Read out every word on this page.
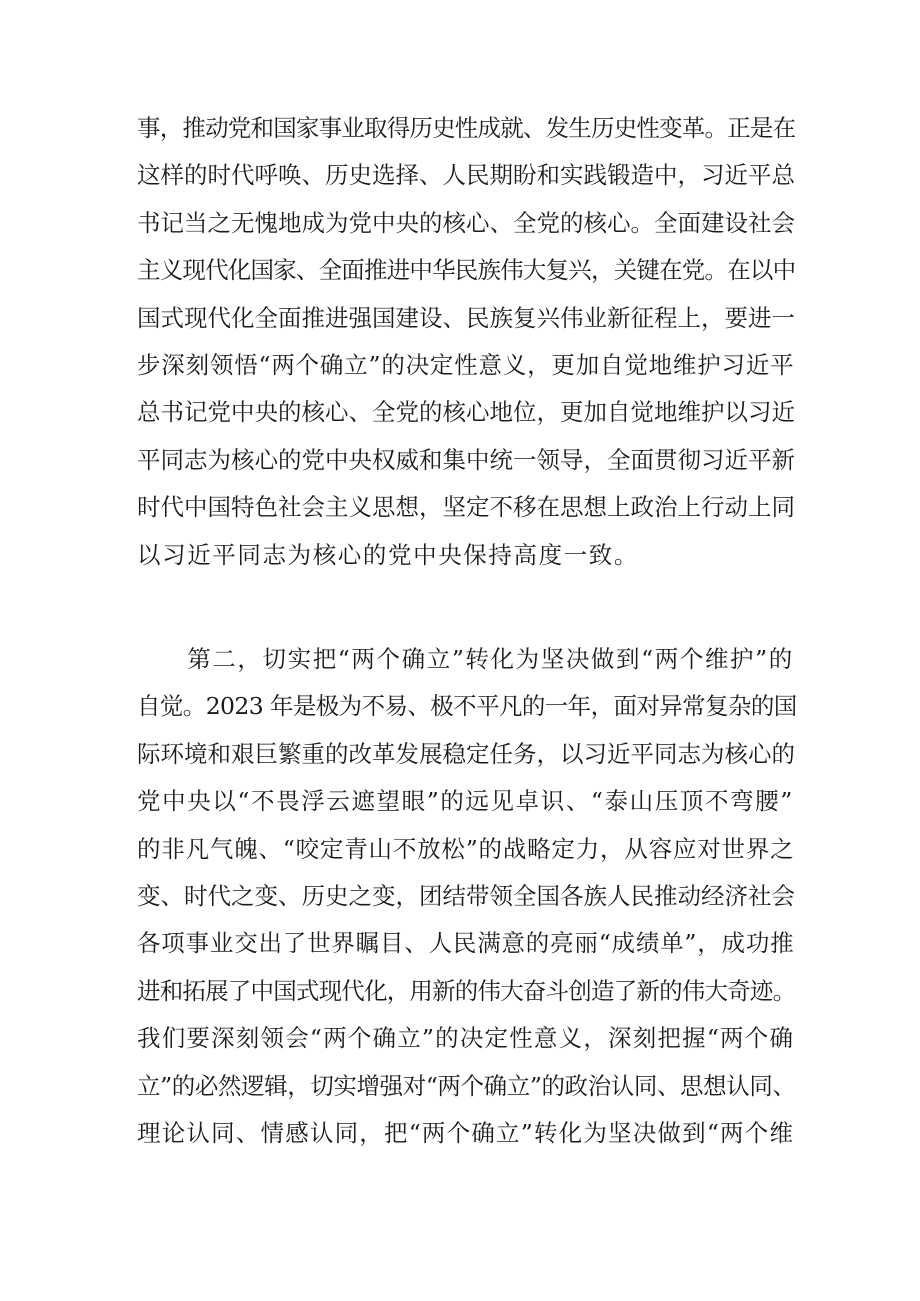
事，推动党和国家事业取得历史性成就、发生历史性变革。正是在
这样的时代呼唤、历史选择、人民期盼和实践锻造中，习近平总
书记当之无愧地成为党中央的核心、全党的核心。全面建设社会
主义现代化国家、全面推进中华民族伟大复兴，关键在党。在以中
国式现代化全面推进强国建设、民族复兴伟业新征程上，要进一
步深刻领悟“两个确立”的决定性意义，更加自觉地维护习近平
总书记党中央的核心、全党的核心地位，更加自觉地维护以习近
平同志为核心的党中央权威和集中统一领导，全面贯彻习近平新
时代中国特色社会主义思想，坚定不移在思想上政治上行动上同
以习近平同志为核心的党中央保持高度一致。
　　第二，切实把“两个确立”转化为坚决做到“两个维护”的
自觉。2023 年是极为不易、极不平凡的一年，面对异常复杂的国
际环境和艰巨繁重的改革发展稳定任务，以习近平同志为核心的
党中央以“不畏浮云遮望眼”的远见卓识、“泰山压顶不弯腰”
的非凡气魄、“咬定青山不放松”的战略定力，从容应对世界之
变、时代之变、历史之变，团结带领全国各族人民推动经济社会
各项事业交出了世界瞩目、人民满意的亮丽“成绩单”，成功推
进和拓展了中国式现代化，用新的伟大奋斗创造了新的伟大奇迹。
我们要深刻领会“两个确立”的决定性意义，深刻把握“两个确
立”的必然逻辑，切实增强对“两个确立”的政治认同、思想认同、
理论认同、情感认同，把“两个确立”转化为坚决做到“两个维
